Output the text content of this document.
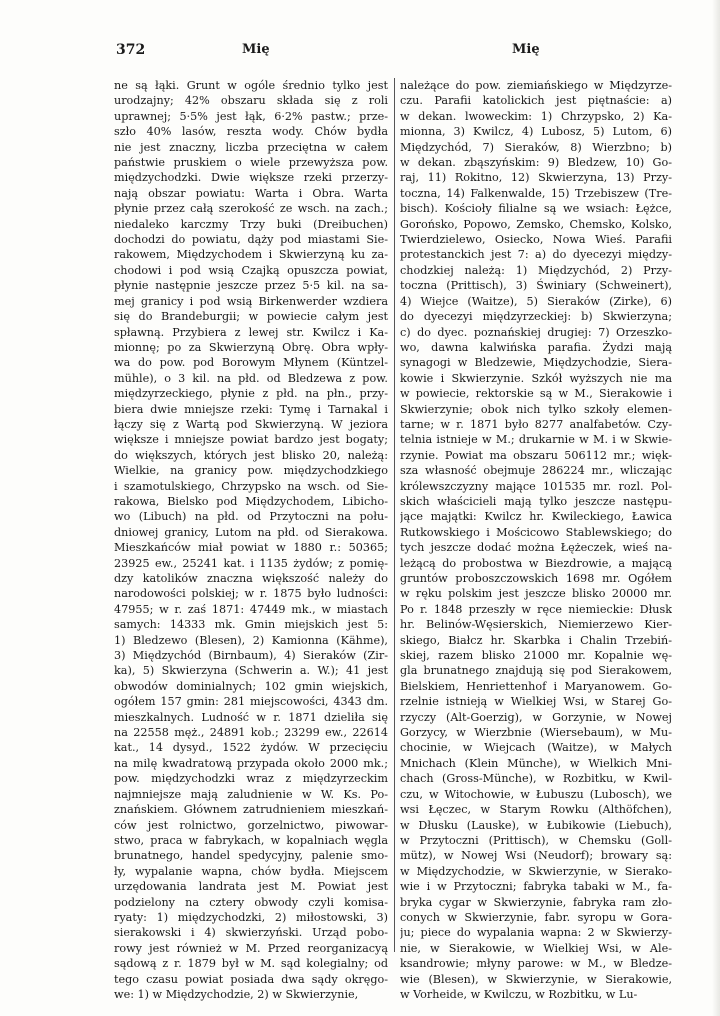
372	Mię	Mię
ne są łąki. Grunt w ogóle średnio tylko jest
urodzajny; 42% obszaru składa się z roli
uprawnej; 5·5% jest łąk, 6·2% pastw.; prze-
szło 40% lasów, reszta wody. Chów bydła
nie jest znaczny, liczba przeciętna w całem
państwie pruskiem o wiele przewyższa pow.
międzychodzki. Dwie większe rzeki przerzy-
nają obszar powiatu: Warta i Obra. Warta
płynie przez całą szerokość ze wsch. na zach.;
niedaleko karczmy Trzy buki (Dreibuchen)
dochodzi do powiatu, dąży pod miastami Sie-
rakowem, Międzychodem i Skwierzyną ku za-
chodowi i pod wsią Czajką opuszcza powiat,
płynie następnie jeszcze przez 5·5 kil. na sa-
mej granicy i pod wsią Birkenwerder wzdiera
się do Brandeburgii; w powiecie całym jest
spławną. Przybiera z lewej str. Kwilcz i Ka-
mionnę; po za Skwierzyną Obrę. Obra wpły-
wa do pow. pod Borowym Młynem (Küntzel-
mühle), o 3 kil. na płd. od Bledzewa z pow.
międzyrzeckiego, płynie z płd. na płn., przy-
biera dwie mniejsze rzeki: Tymę i Tarnakal i
łączy się z Wartą pod Skwierzyną. W jeziora
większe i mniejsze powiat bardzo jest bogaty;
do większych, których jest blisko 20, należą:
Wielkie, na granicy pow. międzychodzkiego
i szamotulskiego, Chrzypsko na wsch. od Sie-
rakowa, Bielsko pod Międzychodem, Libicho-
wo (Libuch) na płd. od Przytoczni na połu-
dniowej granicy, Lutom na płd. od Sierakowa.
Mieszkańców miał powiat w 1880 r.: 50365;
23925 ew., 25241 kat. i 1135 żydów; z pomię-
dzy katolików znaczna większość należy do
narodowości polskiej; w r. 1875 było ludności:
47955; w r. zaś 1871: 47449 mk., w miastach
samych: 14333 mk. Gmin miejskich jest 5:
1) Bledzewo (Blesen), 2) Kamionna (Kähme),
3) Międzychód (Birnbaum), 4) Sieraków (Zir-
ka), 5) Skwierzyna (Schwerin a. W.); 41 jest
obwodów dominialnych; 102 gmin wiejskich,
ogółem 157 gmin: 281 miejscowości, 4343 dm.
mieszkalnych. Ludność w r. 1871 dzieliła się
na 22558 męż., 24891 kob.; 23299 ew., 22614
kat., 14 dysyd., 1522 żydów. W przecięciu
na milę kwadratową przypada około 2000 mk.;
pow. międzychodzki wraz z międzyrzeckim
najmniejsze mają zaludnienie w W. Ks. Po-
znańskiem. Głównem zatrudnieniem mieszkań-
ców jest rolnictwo, gorzelnictwo, piwowar-
stwo, praca w fabrykach, w kopalniach węgla
brunatnego, handel spedycyjny, palenie smo-
ły, wypalanie wapna, chów bydła. Miejscem
urzędowania landrata jest M. Powiat jest
podzielony na cztery obwody czyli komisa-
ryaty: 1) międzychodzki, 2) miłostowski, 3)
sierakowski i 4) skwierzyński. Urząd pobo-
rowy jest również w M. Przed reorganizacyą
sądową z r. 1879 był w M. sąd kolegialny; od
tego czasu powiat posiada dwa sądy okręgo-
we: 1) w Międzychodzie, 2) w Skwierzynie,
należące do pow. ziemiańskiego w Międzyrze-
czu. Parafii katolickich jest piętnaście: a)
w dekan. lwoweckim: 1) Chrzypsko, 2) Ka-
mionna, 3) Kwilcz, 4) Lubosz, 5) Lutom, 6)
Międzychód, 7) Sieraków, 8) Wierzbno; b)
w dekan. zbąszyńskim: 9) Bledzew, 10) Go-
raj, 11) Rokitno, 12) Skwierzyna, 13) Przy-
toczna, 14) Falkenwalde, 15) Trzebiszew (Tre-
bisch). Kościoły filialne są we wsiach: Łężce,
Gorońsko, Popowo, Zemsko, Chemsko, Kolsko,
Twierdzielewo, Osiecko, Nowa Wieś. Parafii
protestanckich jest 7: a) do dyecezyi między-
chodzkiej należą: 1) Międzychód, 2) Przy-
toczna (Prittisch), 3) Świniary (Schweinert),
4) Wiejce (Waitze), 5) Sieraków (Zirke), 6)
do dyecezyi międzyrzeckiej: b) Skwierzyna;
c) do dyec. poznańskiej drugiej: 7) Orzeszko-
wo, dawna kalwińska parafia. Żydzi mają
synagogi w Bledzewie, Międzychodzie, Siera-
kowie i Skwierzynie. Szkół wyższych nie ma
w powiecie, rektorskie są w M., Sierakowie i
Skwierzynie; obok nich tylko szkoły elemen-
tarne; w r. 1871 było 8277 analfabetów. Czy-
telnia istnieje w M.; drukarnie w M. i w Skwie-
rzynie. Powiat ma obszaru 506112 mr.; więk-
sza własność obejmuje 286224 mr., wliczając
królewszczyzny mające 101535 mr. rozl. Pol-
skich właścicieli mają tylko jeszcze następu-
jące majątki: Kwilcz hr. Kwileckiego, Ławica
Rutkowskiego i Mościcowo Stablewskiego; do
tych jeszcze dodać można Łężeczek, wieś na-
leżącą do probostwa w Biezdrowie, a mającą
gruntów proboszczowskich 1698 mr. Ogółem
w ręku polskim jest jeszcze blisko 20000 mr.
Po r. 1848 przeszły w ręce niemieckie: Dłusk
hr. Belinów-Węsierskich, Niemierzewo Kier-
skiego, Białcz hr. Skarbka i Chalin Trzebiń-
skiej, razem blisko 21000 mr. Kopalnie wę-
gla brunatnego znajdują się pod Sierakowem,
Bielskiem, Henriettenhof i Maryanowem. Go-
rzelnie istnieją w Wielkiej Wsi, w Starej Go-
rzyczy (Alt-Goerzig), w Gorzynie, w Nowej
Gorzycy, w Wierzbnie (Wiersebaum), w Mu-
chocinie, w Wiejcach (Waitze), w Małych
Mnichach (Klein Münche), w Wielkich Mni-
chach (Gross-Münche), w Rozbitku, w Kwil-
czu, w Witochowie, w Łubuszu (Lubosch), we
wsi Łęczec, w Starym Rowku (Althöfchen),
w Dłusku (Lauske), w Łubikowie (Liebuch),
w Przytoczni (Prittisch), w Chemsku (Goll-
mütz), w Nowej Wsi (Neudorf); browary są:
w Międzychodzie, w Skwierzynie, w Sierako-
wie i w Przytoczni; fabryka tabaki w M., fa-
bryka cygar w Skwierzynie, fabryka ram zło-
conych w Skwierzynie, fabr. syropu w Gora-
ju; piece do wypalania wapna: 2 w Skwierzy-
nie, w Sierakowie, w Wielkiej Wsi, w Ale-
ksandrowie; młyny parowe: w M., w Bledze-
wie (Blesen), w Skwierzynie, w Sierakowie,
w Vorheide, w Kwilczu, w Rozbitku, w Lu-
